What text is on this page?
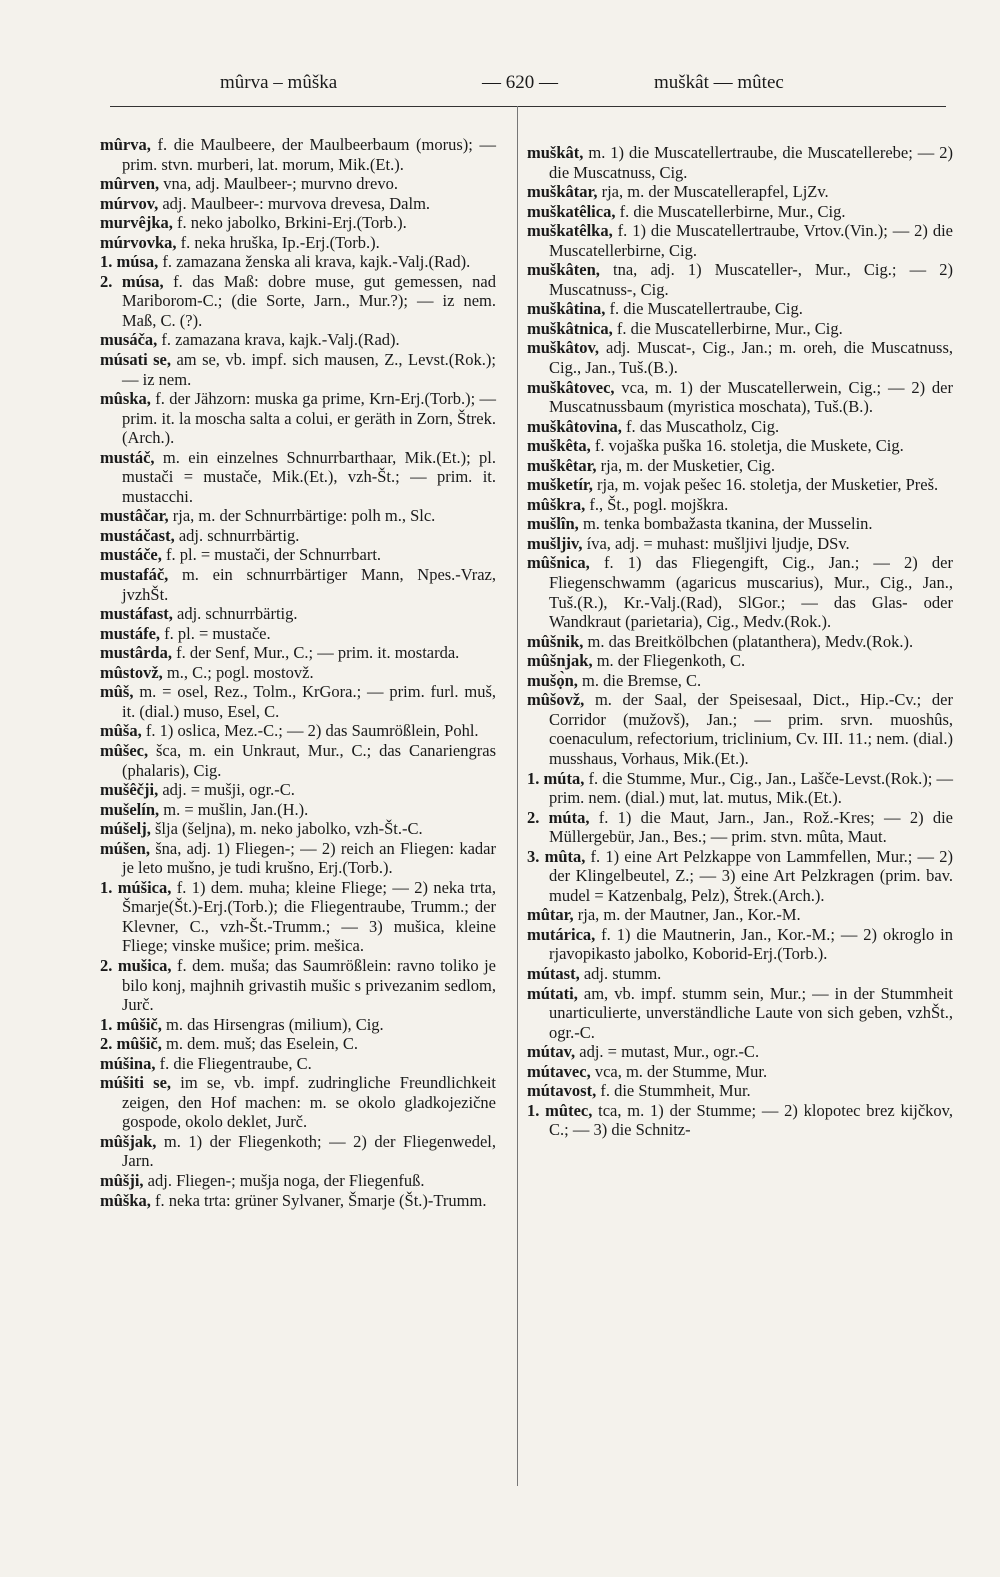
mûrva – mûška	— 620 —	muškât — mûtec

mûrva, f. die Maulbeere, der Maulbeerbaum (morus); — prim. stvn. murberi, lat. morum, Mik.(Et.).

mûrven, vna, adj. Maulbeer-; murvno drevo.

múrvov, adj. Maulbeer-: murvova drevesa, Dalm.

murvêjka, f. neko jabolko, Brkini-Erj.(Torb.).

múrvovka, f. neka hruška, Ip.-Erj.(Torb.).

1. músa, f. zamazana ženska ali krava, kajk.-Valj.(Rad).

2. músa, f. das Maß: dobre muse, gut gemessen, nad Mariborom-C.; (die Sorte, Jarn., Mur.?); — iz nem. Maß, C. (?).

musáča, f. zamazana krava, kajk.-Valj.(Rad).

músati se, am se, vb. impf. sich mausen, Z., Levst.(Rok.); — iz nem.

mûska, f. der Jähzorn: muska ga prime, Krn-Erj.(Torb.); — prim. it. la moscha salta a colui, er geräth in Zorn, Štrek.(Arch.).

mustáč, m. ein einzelnes Schnurrbarthaar, Mik.(Et.); pl. mustači = mustače, Mik.(Et.), vzh-Št.; — prim. it. mustacchi.

mustâčar, rja, m. der Schnurrbärtige: polh m., Slc.

mustáčast, adj. schnurrbärtig.

mustáče, f. pl. = mustači, der Schnurrbart.

mustafáč, m. ein schnurrbärtiger Mann, Npes.-Vraz, jvzhŠt.

mustáfast, adj. schnurrbärtig.

mustáfe, f. pl. = mustače.

mustârda, f. der Senf, Mur., C.; — prim. it. mostarda.

mûstovž, m., C.; pogl. mostovž.

mûš, m. = osel, Rez., Tolm., KrGora.; — prim. furl. muš, it. (dial.) muso, Esel, C.

mûša, f. 1) oslica, Mez.-C.; — 2) das Saumrößlein, Pohl.

mûšec, šca, m. ein Unkraut, Mur., C.; das Canariengras (phalaris), Cig.

mušêčji, adj. = mušji, ogr.-C.

mušelín, m. = mušlin, Jan.(H.).

múšelj, šlja (šeljna), m. neko jabolko, vzh-Št.-C.

múšen, šna, adj. 1) Fliegen-; — 2) reich an Fliegen: kadar je leto mušno, je tudi krušno, Erj.(Torb.).

1. múšica, f. 1) dem. muha; kleine Fliege; — 2) neka trta, Šmarje(Št.)-Erj.(Torb.); die Fliegentraube, Trumm.; der Klevner, C., vzh-Št.-Trumm.; — 3) mušica, kleine Fliege; vinske mušice; prim. mešica.

2. mušica, f. dem. muša; das Saumrößlein: ravno toliko je bilo konj, majhnih grivastih mušic s privezanim sedlom, Jurč.

1. mûšič, m. das Hirsengras (milium), Cig.

2. mûšič, m. dem. muš; das Eselein, C.

múšina, f. die Fliegentraube, C.

múšiti se, im se, vb. impf. zudringliche Freundlichkeit zeigen, den Hof machen: m. se okolo gladkojezične gospode, okolo deklet, Jurč.

mûšjak, m. 1) der Fliegenkoth; — 2) der Fliegenwedel, Jarn.

mûšji, adj. Fliegen-; mušja noga, der Fliegenfuß.

mûška, f. neka trta: grüner Sylvaner, Šmarje (Št.)-Trumm.

muškât, m. 1) die Muscatellertraube, die Muscatellerebe; — 2) die Muscatnuss, Cig.

muškâtar, rja, m. der Muscatellerapfel, LjZv.

muškatêlica, f. die Muscatellerbirne, Mur., Cig.

muškatêlka, f. 1) die Muscatellertraube, Vrtov.(Vin.); — 2) die Muscatellerbirne, Cig.

muškâten, tna, adj. 1) Muscateller-, Mur., Cig.; — 2) Muscatnuss-, Cig.

muškâtina, f. die Muscatellertraube, Cig.

muškâtnica, f. die Muscatellerbirne, Mur., Cig.

muškâtov, adj. Muscat-, Cig., Jan.; m. oreh, die Muscatnuss, Cig., Jan., Tuš.(B.).

muškâtovec, vca, m. 1) der Muscatellerwein, Cig.; — 2) der Muscatnussbaum (myristica moschata), Tuš.(B.).

muškâtovina, f. das Muscatholz, Cig.

muškêta, f. vojaška puška 16. stoletja, die Muskete, Cig.

muškêtar, rja, m. der Musketier, Cig.

mušketír, rja, m. vojak pešec 16. stoletja, der Musketier, Preš.

mûškra, f., Št., pogl. mojškra.

mušlîn, m. tenka bombažasta tkanina, der Musselin.

mušljiv, íva, adj. = muhast: mušljivi ljudje, DSv.

mûšnica, f. 1) das Fliegengift, Cig., Jan.; — 2) der Fliegenschwamm (agaricus muscarius), Mur., Cig., Jan., Tuš.(R.), Kr.-Valj.(Rad), SlGor.; — das Glas- oder Wandkraut (parietaria), Cig., Medv.(Rok.).

mûšnik, m. das Breitkölbchen (platanthera), Medv.(Rok.).

mûšnjak, m. der Fliegenkoth, C.

mušọ̀n, m. die Bremse, C.

mûšovž, m. der Saal, der Speisesaal, Dict., Hip.-Cv.; der Corridor (mužovš), Jan.; — prim. srvn. muoshûs, coenaculum, refectorium, triclinium, Cv. III. 11.; nem. (dial.) musshaus, Vorhaus, Mik.(Et.).

1. múta, f. die Stumme, Mur., Cig., Jan., Lašče-Levst.(Rok.); — prim. nem. (dial.) mut, lat. mutus, Mik.(Et.).

2. múta, f. 1) die Maut, Jarn., Jan., Rož.-Kres; — 2) die Müllergebür, Jan., Bes.; — prim. stvn. mûta, Maut.

3. mûta, f. 1) eine Art Pelzkappe von Lammfellen, Mur.; — 2) der Klingelbeutel, Z.; — 3) eine Art Pelzkragen (prim. bav. mudel = Katzenbalg, Pelz), Štrek.(Arch.).

mûtar, rja, m. der Mautner, Jan., Kor.-M.

mutárica, f. 1) die Mautnerin, Jan., Kor.-M.; — 2) okroglo in rjavopikasto jabolko, Koborid-Erj.(Torb.).

mútast, adj. stumm.

mútati, am, vb. impf. stumm sein, Mur.; — in der Stummheit unarticulierte, unverständliche Laute von sich geben, vzhŠt., ogr.-C.

mútav, adj. = mutast, Mur., ogr.-C.

mútavec, vca, m. der Stumme, Mur.

mútavost, f. die Stummheit, Mur.

1. mûtec, tca, m. 1) der Stumme; — 2) klopotec brez kijčkov, C.; — 3) die Schnitz-
